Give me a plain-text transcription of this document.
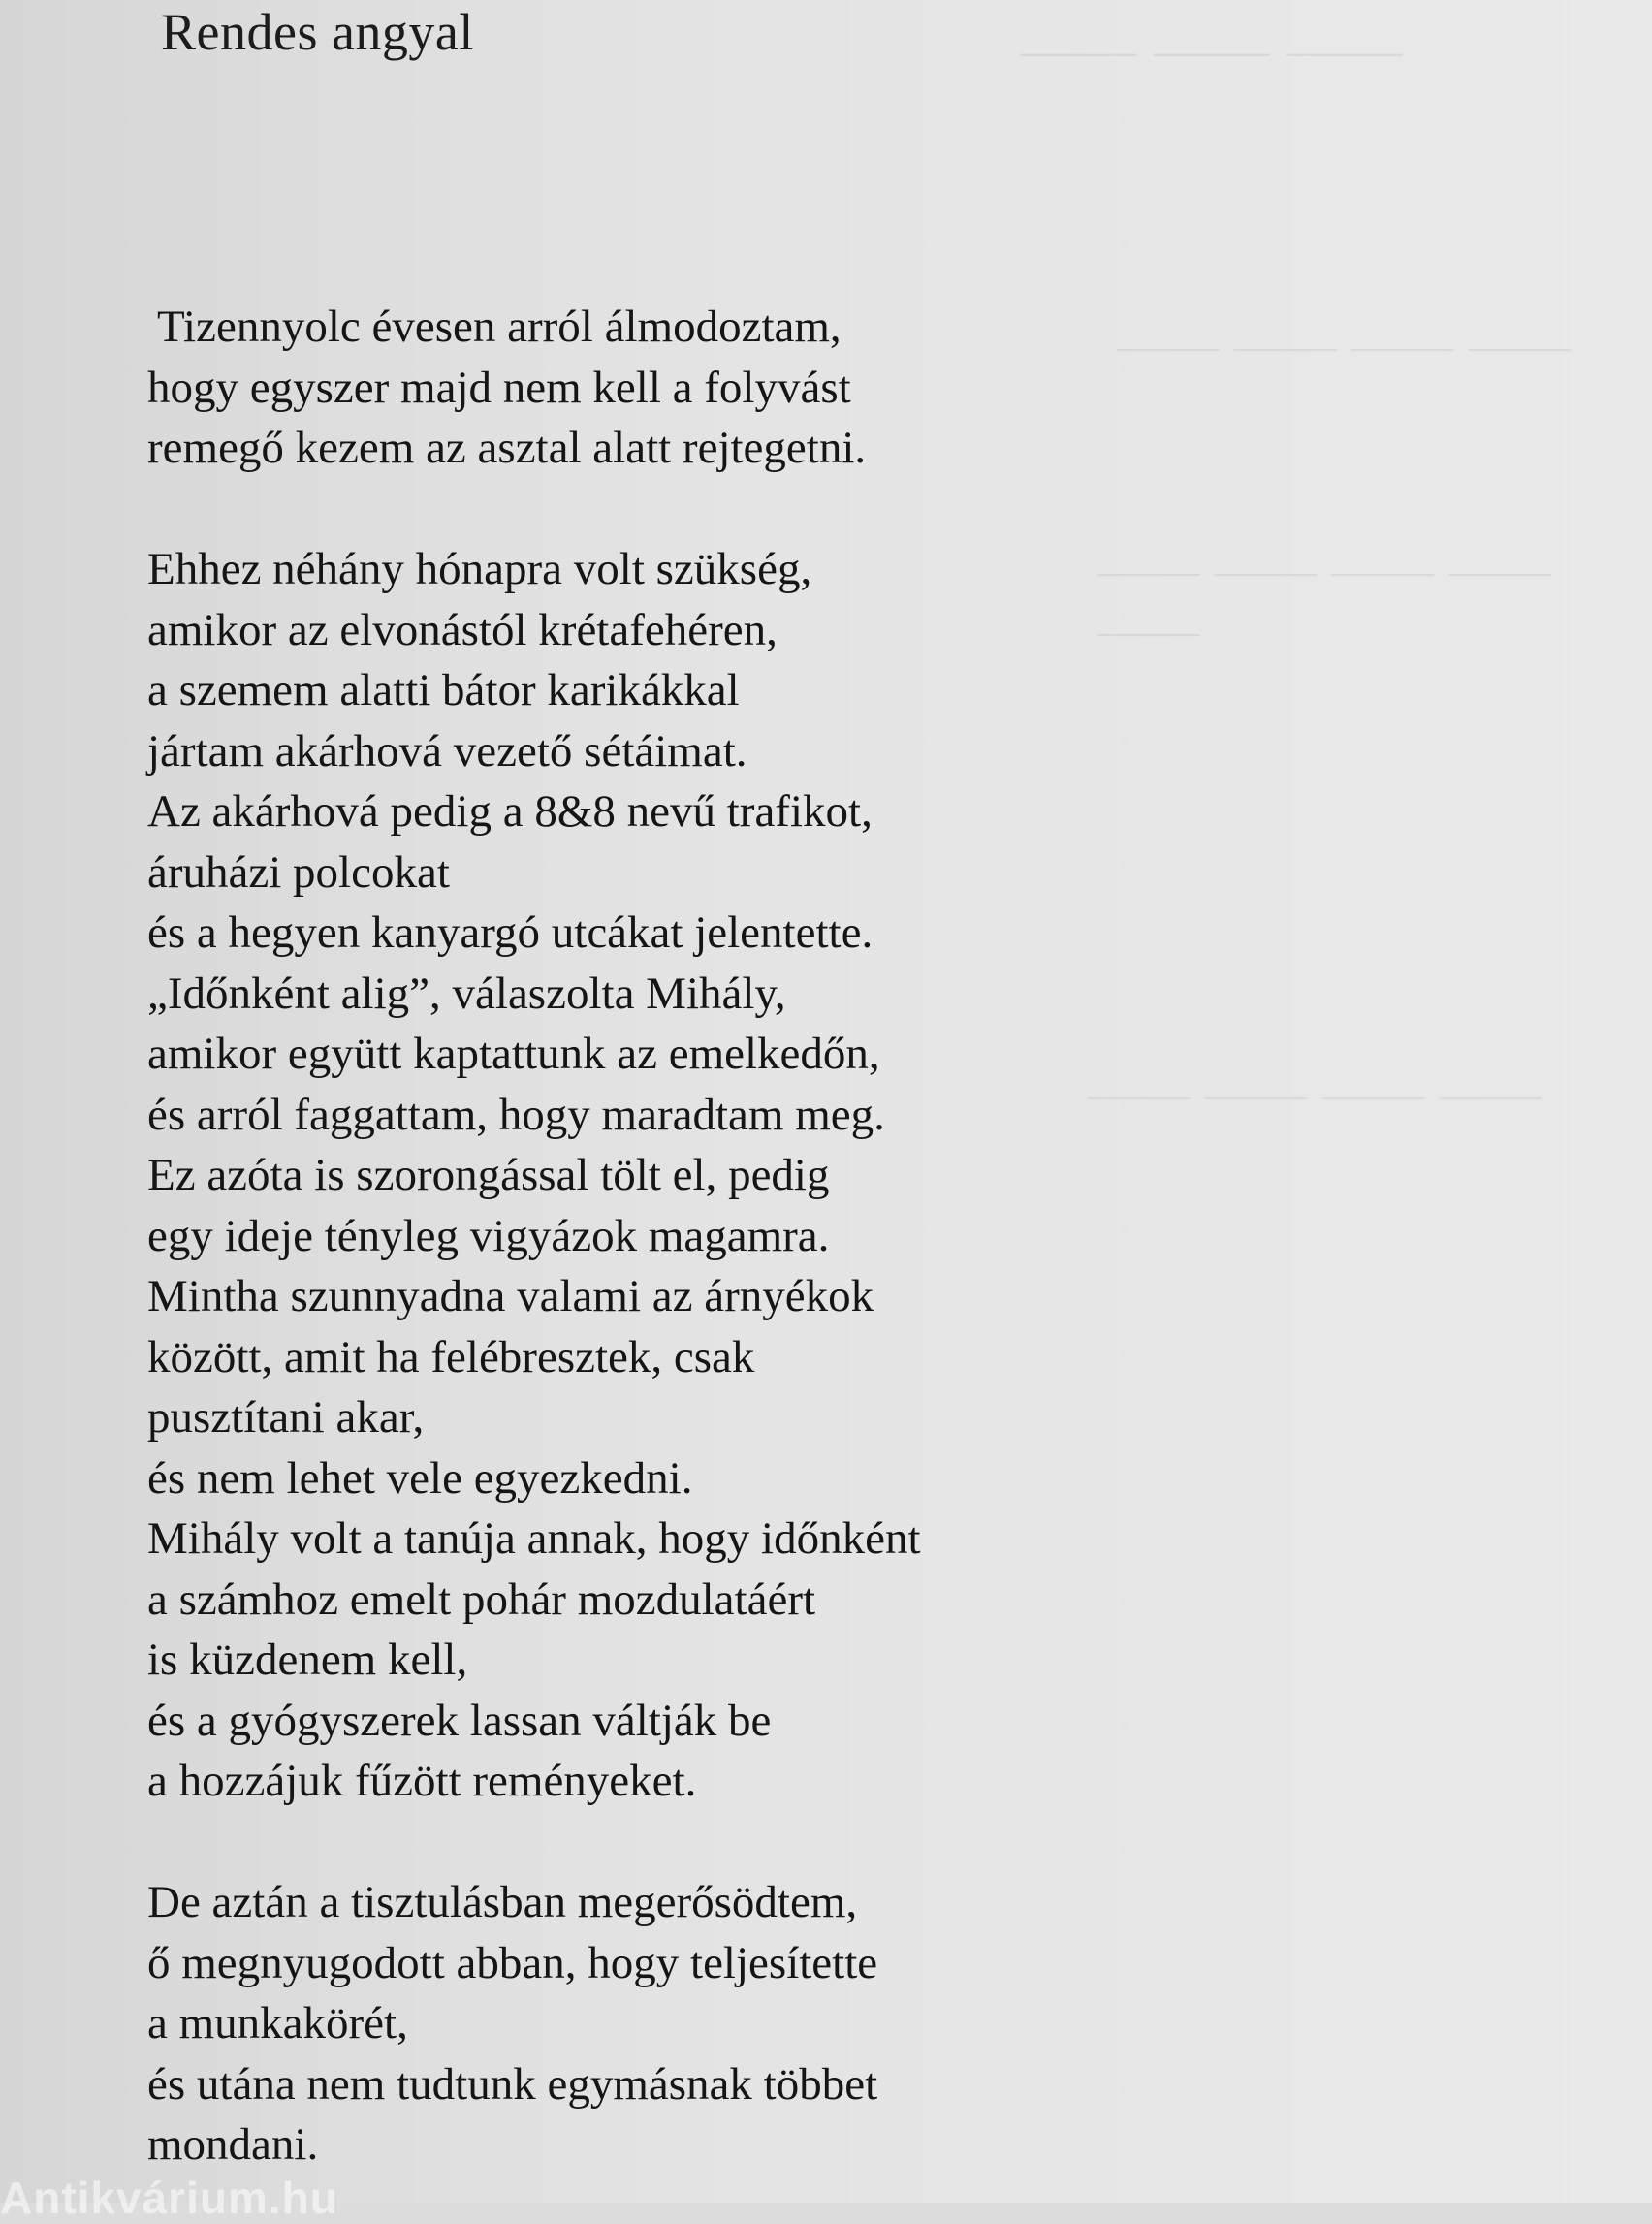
⸻ ⸻ ⸻
⸻ ⸻ ⸻ ⸻
⸻ ⸻ ⸻ ⸻ ⸻
⸻ ⸻ ⸻ ⸻
Rendes angyal

Tizennyolc évesen arról álmodoztam,
hogy egyszer majd nem kell a folyvást
remegő kezem az asztal alatt rejtegetni.

Ehhez néhány hónapra volt szükség,
amikor az elvonástól krétafehéren,
a szemem alatti bátor karikákkal
jártam akárhová vezető sétáimat.
Az akárhová pedig a 8&8 nevű trafikot,
áruházi polcokat
és a hegyen kanyargó utcákat jelentette.
„Időnként alig”, válaszolta Mihály,
amikor együtt kaptattunk az emelkedőn,
és arról faggattam, hogy maradtam meg.
Ez azóta is szorongással tölt el, pedig
egy ideje tényleg vigyázok magamra.
Mintha szunnyadna valami az árnyékok
között, amit ha felébresztek, csak
pusztítani akar,
és nem lehet vele egyezkedni.
Mihály volt a tanúja annak, hogy időnként
a számhoz emelt pohár mozdulatáért
is küzdenem kell,
és a gyógyszerek lassan váltják be
a hozzájuk fűzött reményeket.

De aztán a tisztulásban megerősödtem,
ő megnyugodott abban, hogy teljesítette
a munkakörét,
és utána nem tudtunk egymásnak többet
mondani.

Antikvárium.hu
